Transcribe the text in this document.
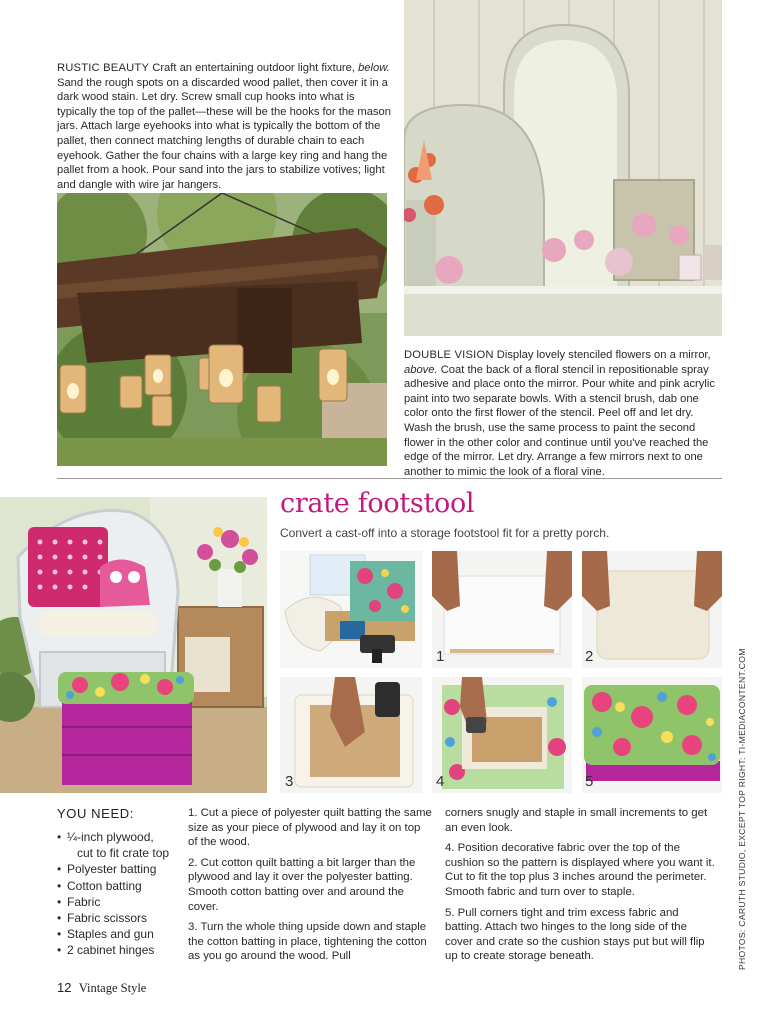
RUSTIC BEAUTY Craft an entertaining outdoor light fixture, below. Sand the rough spots on a discarded wood pallet, then cover it in a dark wood stain. Let dry. Screw small cup hooks into what is typically the top of the pallet—these will be the hooks for the mason jars. Attach large eyehooks into what is typically the bottom of the pallet, then connect matching lengths of durable chain to each eyehook. Gather the four chains with a large key ring and hang the pallet from a hook. Pour sand into the jars to stabilize votives; light and dangle with wire jar hangers.
DOUBLE VISION Display lovely stenciled flowers on a mirror, above. Coat the back of a floral stencil in repositionable spray adhesive and place onto the mirror. Pour white and pink acrylic paint into two separate bowls. With a stencil brush, dab one color onto the first flower of the stencil. Peel off and let dry. Wash the brush, use the same process to paint the second flower in the other color and continue until you've reached the edge of the mirror. Let dry. Arrange a few mirrors next to one another to mimic the look of a floral vine.
crate footstool
Convert a cast-off into a storage footstool fit for a pretty porch.
1	2
3	4	5
YOU NEED:
• ¼-inch plywood,
cut to fit crate top
• Polyester batting
• Cotton batting
• Fabric
• Fabric scissors
• Staples and gun
• 2 cabinet hinges

1. Cut a piece of polyester quilt batting the same size as your piece of plywood and lay it on top of the wood.

2. Cut cotton quilt batting a bit larger than the plywood and lay it over the polyester batting. Smooth cotton batting over and around the cover.

3. Turn the whole thing upside down and staple the cotton batting in place, tightening the cotton as you go around the wood. Pull

corners snugly and staple in small increments to get an even look.

4. Position decorative fabric over the top of the cushion so the pattern is displayed where you want it. Cut to fit the top plus 3 inches around the perimeter. Smooth fabric and turn over to staple.

5. Pull corners tight and trim excess fabric and batting. Attach two hinges to the long side of the cover and crate so the cushion stays put but will flip up to create storage beneath.	PHOTOS: CARUTH STUDIO, EXCEPT TOP RIGHT: TI-MEDIACONTENT.COM
12 Vintage Style
